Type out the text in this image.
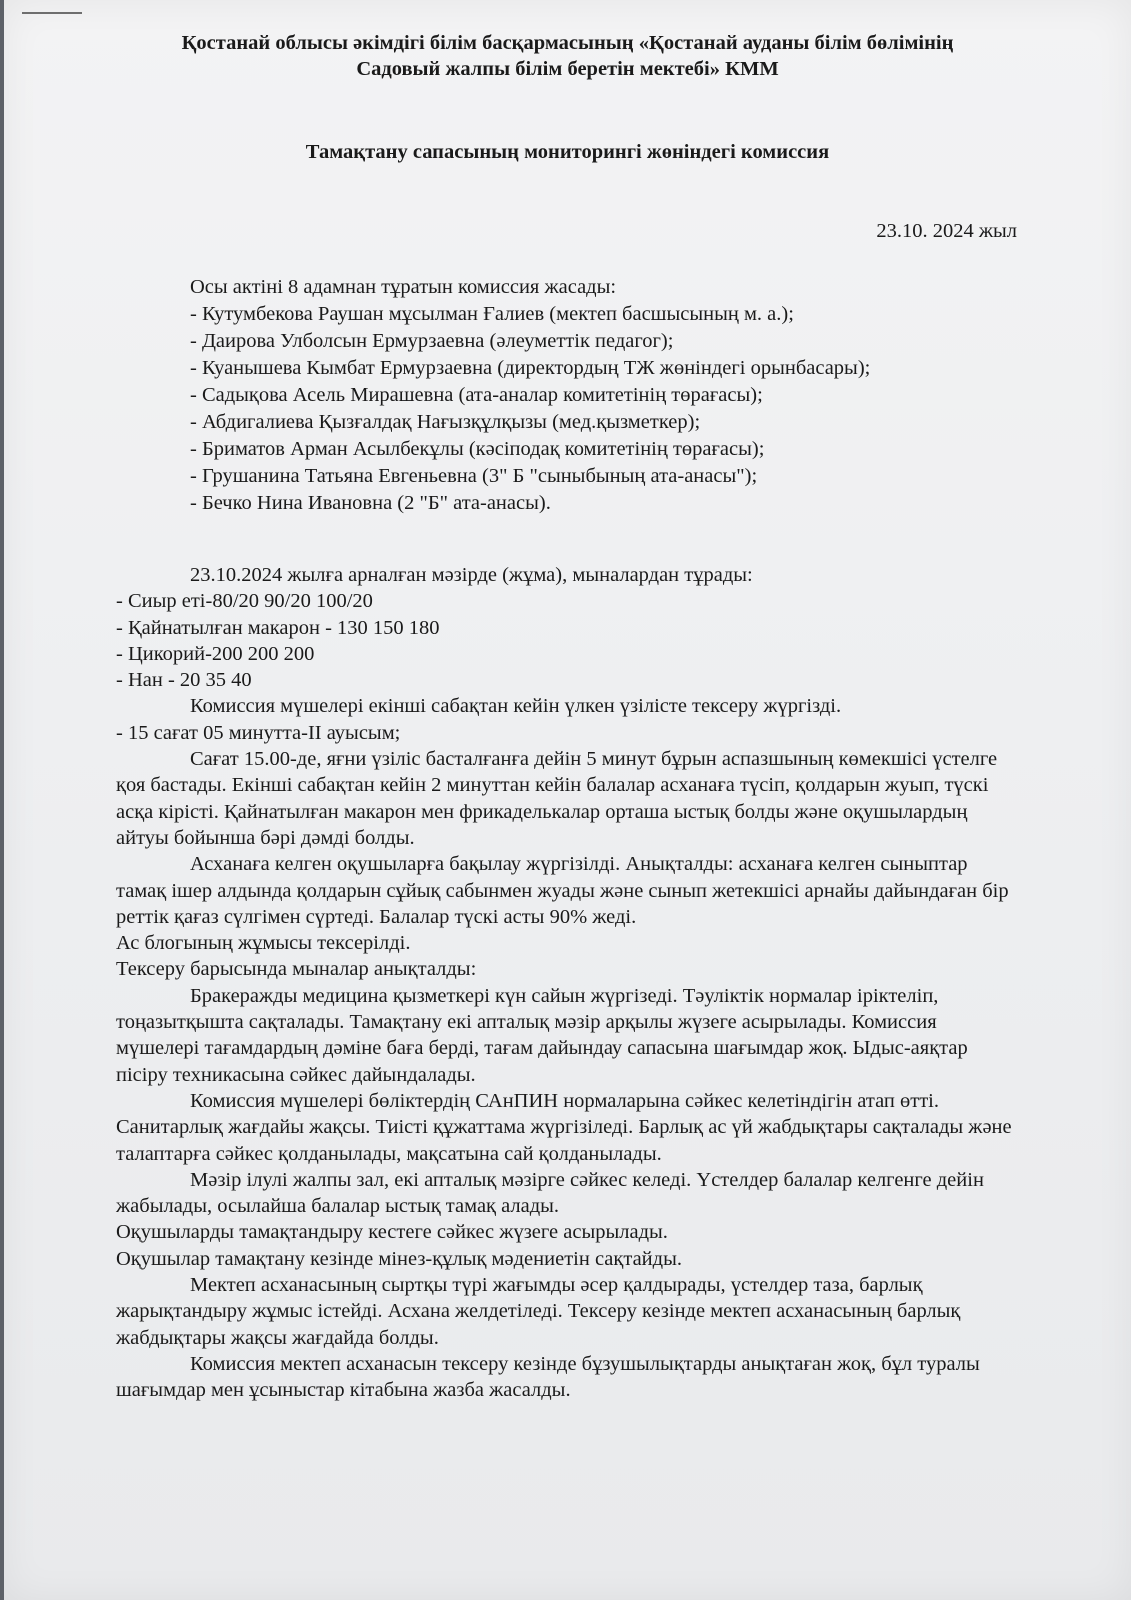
Қостанай облысы әкімдігі білім басқармасының «Қостанай ауданы білім бөлімінің
Садовый жалпы білім беретін мектебі» КММ
Тамақтану сапасының мониторингі жөніндегі комиссия
23.10. 2024 жыл
Осы актіні 8 адамнан тұратын комиссия жасады:
- Кутумбекова Раушан мұсылман Ғалиев (мектеп басшысының м. а.);
- Даирова Улболсын Ермурзаевна (әлеуметтік педагог);
- Куанышева Кымбат Ермурзаевна (директордың ТЖ жөніндегі орынбасары);
- Садықова Асель Мирашевна (ата-аналар комитетінің төрағасы);
- Абдигалиева Қызғалдақ Нағызқұлқызы (мед.қызметкер);
- Бриматов Арман Асылбекұлы (кәсіподақ комитетінің төрағасы);
- Грушанина Татьяна Евгеньевна (3" Б "сыныбының ата-анасы");
- Бечко Нина Ивановна (2 "Б" ата-анасы).

23.10.2024 жылға арналған мәзірде (жұма), мыналардан тұрады:

- Сиыр еті-80/20 90/20 100/20

- Қайнатылған макарон - 130 150 180

- Цикорий-200 200 200

- Нан - 20 35 40

Комиссия мүшелері екінші сабақтан кейін үлкен үзілісте тексеру жүргізді.

- 15 сағат 05 минутта-II ауысым;

Сағат 15.00-де, яғни үзіліс басталғанға дейін 5 минут бұрын аспазшының көмекшісі үстелге қоя бастады. Екінші сабақтан кейін 2 минуттан кейін балалар асханаға түсіп, қолдарын жуып, түскі асқа кірісті. Қайнатылған макарон мен фрикаделькалар орташа ыстық болды және оқушылардың айтуы бойынша бәрі дәмді болды.

Асханаға келген оқушыларға бақылау жүргізілді. Анықталды: асханаға келген сыныптар тамақ ішер алдында қолдарын сұйық сабынмен жуады және сынып жетекшісі арнайы дайындаған бір реттік қағаз сүлгімен сүртеді. Балалар түскі асты 90% жеді.

Ас блогының жұмысы тексерілді.

Тексеру барысында мыналар анықталды:

Бракеражды медицина қызметкері күн сайын жүргізеді. Тәуліктік нормалар іріктеліп, тоңазытқышта сақталады. Тамақтану екі апталық мәзір арқылы жүзеге асырылады. Комиссия мүшелері тағамдардың дәміне баға берді, тағам дайындау сапасына шағымдар жоқ. Ыдыс-аяқтар пісіру техникасына сәйкес дайындалады.

Комиссия мүшелері бөліктердің САнПИН нормаларына сәйкес келетіндігін атап өтті. Санитарлық жағдайы жақсы. Тиісті құжаттама жүргізіледі. Барлық ас үй жабдықтары сақталады және талаптарға сәйкес қолданылады, мақсатына сай қолданылады.

Мәзір ілулі жалпы зал, екі апталық мәзірге сәйкес келеді. Үстелдер балалар келгенге дейін жабылады, осылайша балалар ыстық тамақ алады.

Оқушыларды тамақтандыру кестеге сәйкес жүзеге асырылады.

Оқушылар тамақтану кезінде мінез-құлық мәдениетін сақтайды.

Мектеп асханасының сыртқы түрі жағымды әсер қалдырады, үстелдер таза, барлық жарықтандыру жұмыс істейді. Асхана желдетіледі. Тексеру кезінде мектеп асханасының барлық жабдықтары жақсы жағдайда болды.

Комиссия мектеп асханасын тексеру кезінде бұзушылықтарды анықтаған жоқ, бұл туралы шағымдар мен ұсыныстар кітабына жазба жасалды.
